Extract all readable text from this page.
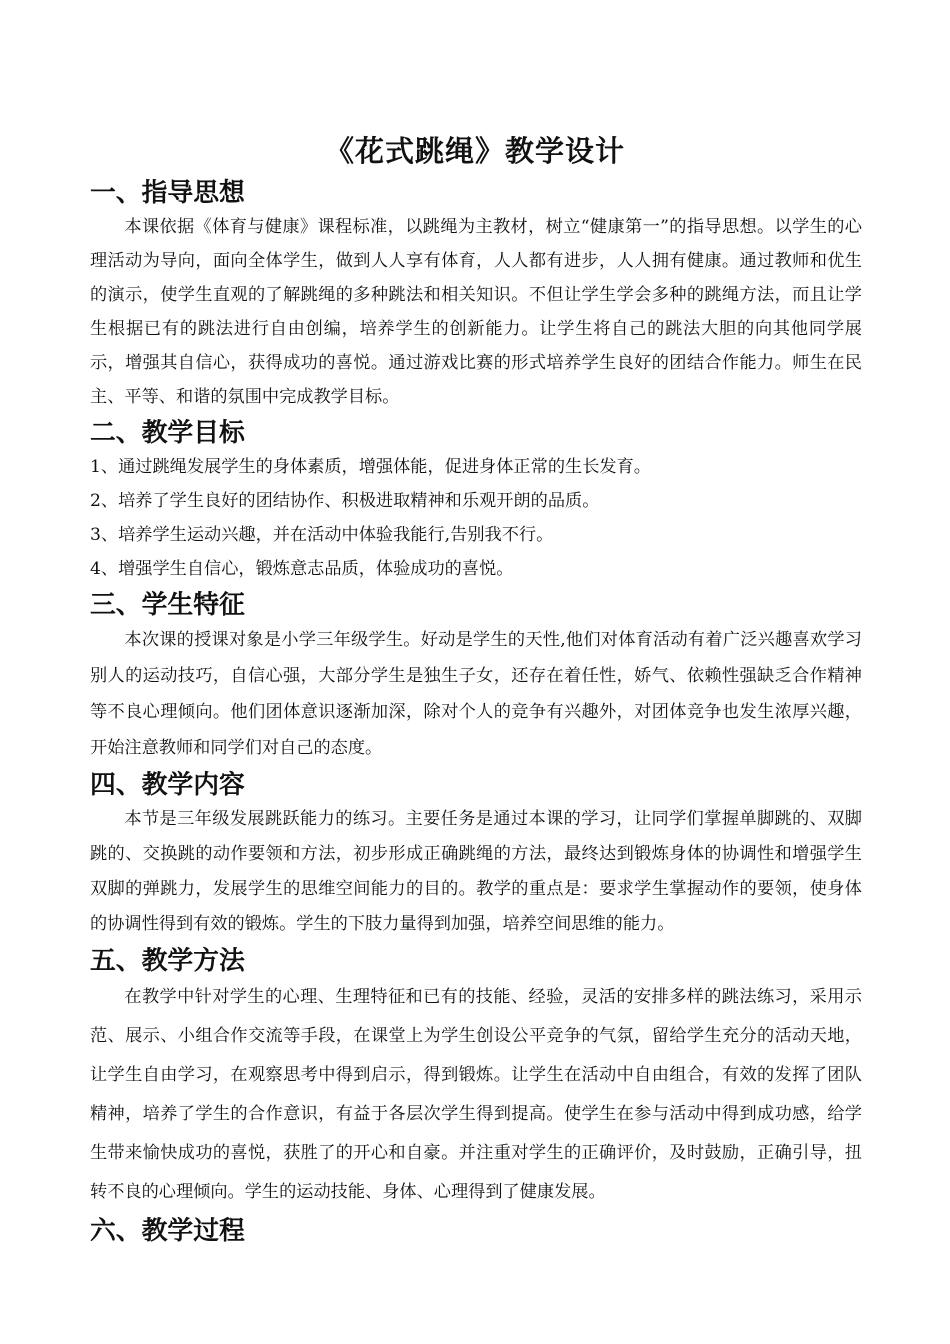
《花式跳绳》教学设计
一、指导思想

本课依据《体育与健康》课程标准，以跳绳为主教材，树立“健康第一”的指导思想。以学生的心理活动为导向，面向全体学生，做到人人享有体育，人人都有进步，人人拥有健康。通过教师和优生的演示，使学生直观的了解跳绳的多种跳法和相关知识。不但让学生学会多种的跳绳方法，而且让学生根据已有的跳法进行自由创编，培养学生的创新能力。让学生将自己的跳法大胆的向其他同学展示，增强其自信心，获得成功的喜悦。通过游戏比赛的形式培养学生良好的团结合作能力。师生在民主、平等、和谐的氛围中完成教学目标。

二、教学目标

1、通过跳绳发展学生的身体素质，增强体能，促进身体正常的生长发育。

2、培养了学生良好的团结协作、积极进取精神和乐观开朗的品质。

3、培养学生运动兴趣，并在活动中体验我能行,告别我不行。

4、增强学生自信心，锻炼意志品质，体验成功的喜悦。

三、学生特征

本次课的授课对象是小学三年级学生。好动是学生的天性,他们对体育活动有着广泛兴趣喜欢学习别人的运动技巧，自信心强，大部分学生是独生子女，还存在着任性，娇气、依赖性强缺乏合作精神等不良心理倾向。他们团体意识逐渐加深，除对个人的竞争有兴趣外，对团体竞争也发生浓厚兴趣，开始注意教师和同学们对自己的态度。

四、教学内容

本节是三年级发展跳跃能力的练习。主要任务是通过本课的学习，让同学们掌握单脚跳的、双脚跳的、交换跳的动作要领和方法，初步形成正确跳绳的方法，最终达到锻炼身体的协调性和增强学生双脚的弹跳力，发展学生的思维空间能力的目的。教学的重点是：要求学生掌握动作的要领，使身体的协调性得到有效的锻炼。学生的下肢力量得到加强，培养空间思维的能力。

五、教学方法

在教学中针对学生的心理、生理特征和已有的技能、经验，灵活的安排多样的跳法练习，采用示范、展示、小组合作交流等手段，在课堂上为学生创设公平竞争的气氛，留给学生充分的活动天地，让学生自由学习，在观察思考中得到启示，得到锻炼。让学生在活动中自由组合，有效的发挥了团队精神，培养了学生的合作意识，有益于各层次学生得到提高。使学生在参与活动中得到成功感，给学生带来愉快成功的喜悦，获胜了的开心和自豪。并注重对学生的正确评价，及时鼓励，正确引导，扭转不良的心理倾向。学生的运动技能、身体、心理得到了健康发展。

六、教学过程
